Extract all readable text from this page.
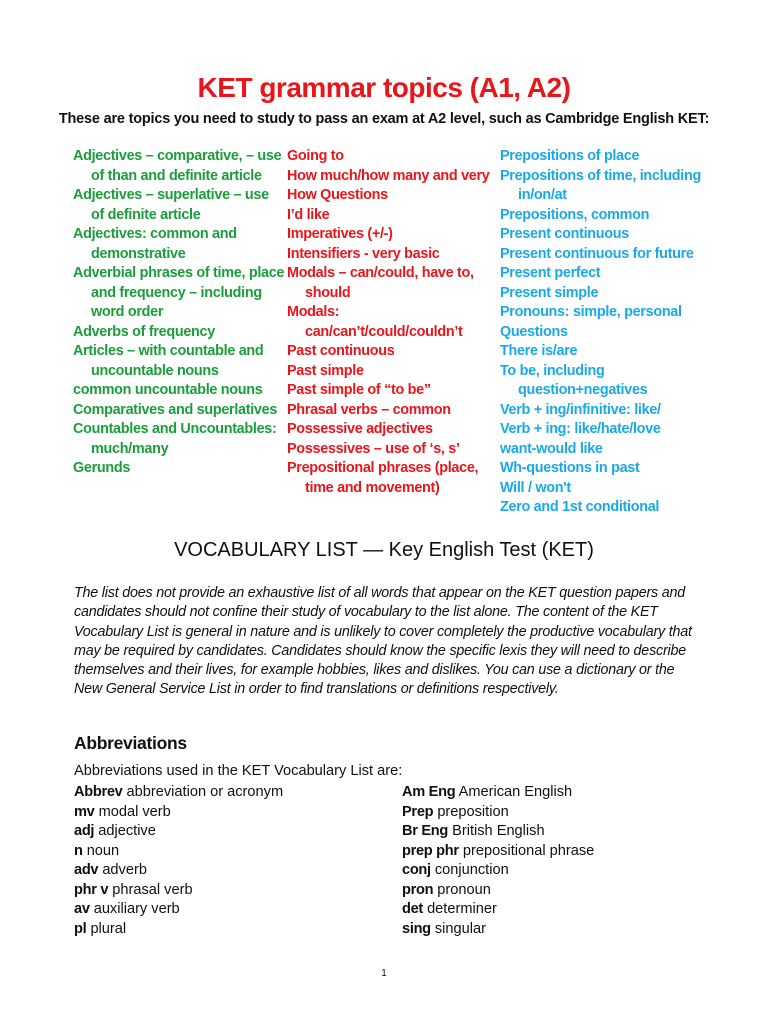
KET grammar topics (A1, A2)

These are topics you need to study to pass an exam at A2 level, such as Cambridge English KET:

Adjectives – comparative, – use of than and definite article
Adjectives – superlative – use of definite article
Adjectives: common and demonstrative
Adverbial phrases of time, place and frequency – including word order
Adverbs of frequency
Articles – with countable and uncountable nouns
common uncountable nouns
Comparatives and superlatives
Countables and Uncountables: much/many
Gerunds
Going to
How much/how many and very
How Questions
I’d like
Imperatives (+/-)
Intensifiers - very basic
Modals – can/could, have to, should
Modals: can/can’t/could/couldn’t
Past continuous
Past simple
Past simple of “to be”
Phrasal verbs – common
Possessive adjectives
Possessives – use of ‘s, s’
Prepositional phrases (place, time and movement)
Prepositions of place
Prepositions of time, including in/on/at
Prepositions, common
Present continuous
Present continuous for future
Present perfect
Present simple
Pronouns: simple, personal
Questions
There is/are
To be, including question+negatives
Verb + ing/infinitive: like/
Verb + ing: like/hate/love
want-would like
Wh-questions in past
Will / won't
Zero and 1st conditional
VOCABULARY LIST — Key English Test (KET)

The list does not provide an exhaustive list of all words that appear on the KET question papers and candidates should not confine their study of vocabulary to the list alone. The content of the KET Vocabulary List is general in nature and is unlikely to cover completely the productive vocabulary that may be required by candidates. Candidates should know the specific lexis they will need to describe themselves and their lives, for example hobbies, likes and dislikes. You can use a dictionary or the New General Service List in order to find translations or definitions respectively.

Abbreviations

Abbreviations used in the KET Vocabulary List are:

Abbrev abbreviation or acronym
mv modal verb
adj adjective
n noun
adv adverb
phr v phrasal verb
av auxiliary verb
pl plural
Am Eng American English
Prep preposition
Br Eng British English
prep phr prepositional phrase
conj conjunction
pron pronoun
det determiner
sing singular

1
